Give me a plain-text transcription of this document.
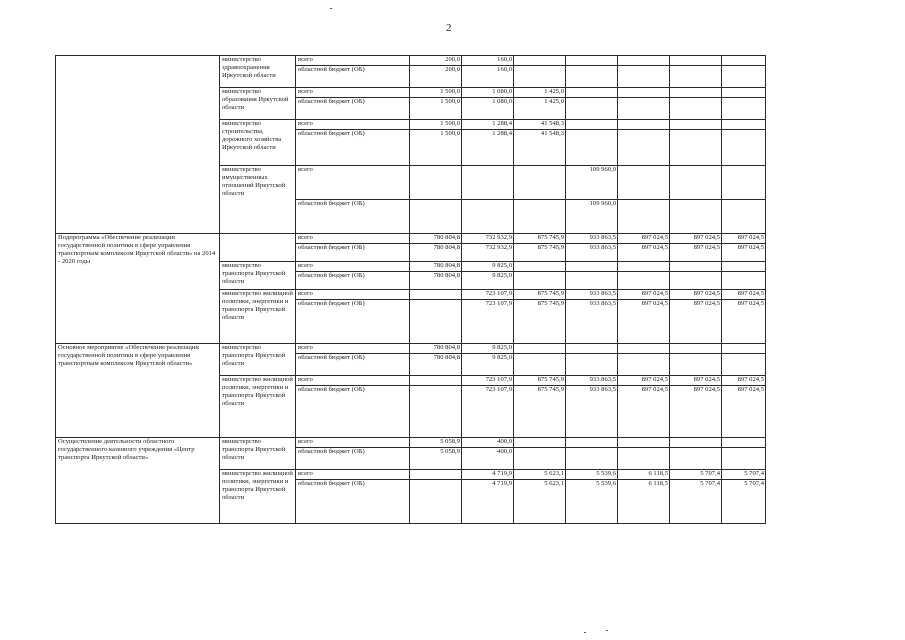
2
	министерство здравоохранения Иркутской области	всего	200,0	160,0					
		областной бюджет (ОБ)	200,0	160,0					
	министерство образования Иркутской области	всего	1 500,0	1 080,0	1 425,0				
		областной бюджет (ОБ)	1 500,0	1 080,0	1 425,0				
	министерство строительства, дорожного хозяйства Иркутской области	всего	1 500,0	1 288,4	41 548,3				
		областной бюджет (ОБ)	1 500,0	1 288,4	41 548,3				
	министерство имущественных отношений Иркутской области	всего				109 960,0			
		областной бюджет (ОБ)				109 960,0			
Подпрограмма «Обеспечение реализации государственной политики в сфере управления транспортным комплексом Иркутской области» на 2014 - 2020 годы		всего	780 804,8	732 932,9	875 745,9	933 863,5	897 024,5	897 024,5	897 024,5
		областной бюджет (ОБ)	780 804,8	732 932,9	875 745,9	933 863,5	897 024,5	897 024,5	897 024,5
	министерство транспорта Иркутской области	всего	780 804,8	9 825,0					
		областной бюджет (ОБ)	780 804,8	9 825,0					
	министерство жилищной политики, энергетики и транспорта Иркутской области	всего		723 107,9	875 745,9	933 863,5	897 024,5	897 024,5	897 024,5
		областной бюджет (ОБ)		723 107,9	875 745,9	933 863,5	897 024,5	897 024,5	897 024,5
Основное мероприятие «Обеспечение реализации государственной политики в сфере управления транспортным комплексом Иркутской области»	министерство транспорта Иркутской области	всего	780 804,8	9 825,0					
		областной бюджет (ОБ)	780 804,8	9 825,0					
	министерство жилищной политики, энергетики и транспорта Иркутской области	всего		723 107,9	875 745,9	933 863,5	897 024,5	897 024,5	897 024,5
		областной бюджет (ОБ)		723 107,9	875 745,9	933 863,5	897 024,5	897 024,5	897 024,5
Осуществление деятельности областного государственного казенного учреждения «Центр транспорта Иркутской области»	министерство транспорта Иркутской области	всего	5 058,9	400,0					
		областной бюджет (ОБ)	5 058,9	400,0					
	министерство жилищной политики, энергетики и транспорта Иркутской области	всего		4 719,9	5 623,1	5 539,6	6 118,5	5 707,4	5 707,4
		областной бюджет (ОБ)		4 719,9	5 623,1	5 539,6	6 118,5	5 707,4	5 707,4
